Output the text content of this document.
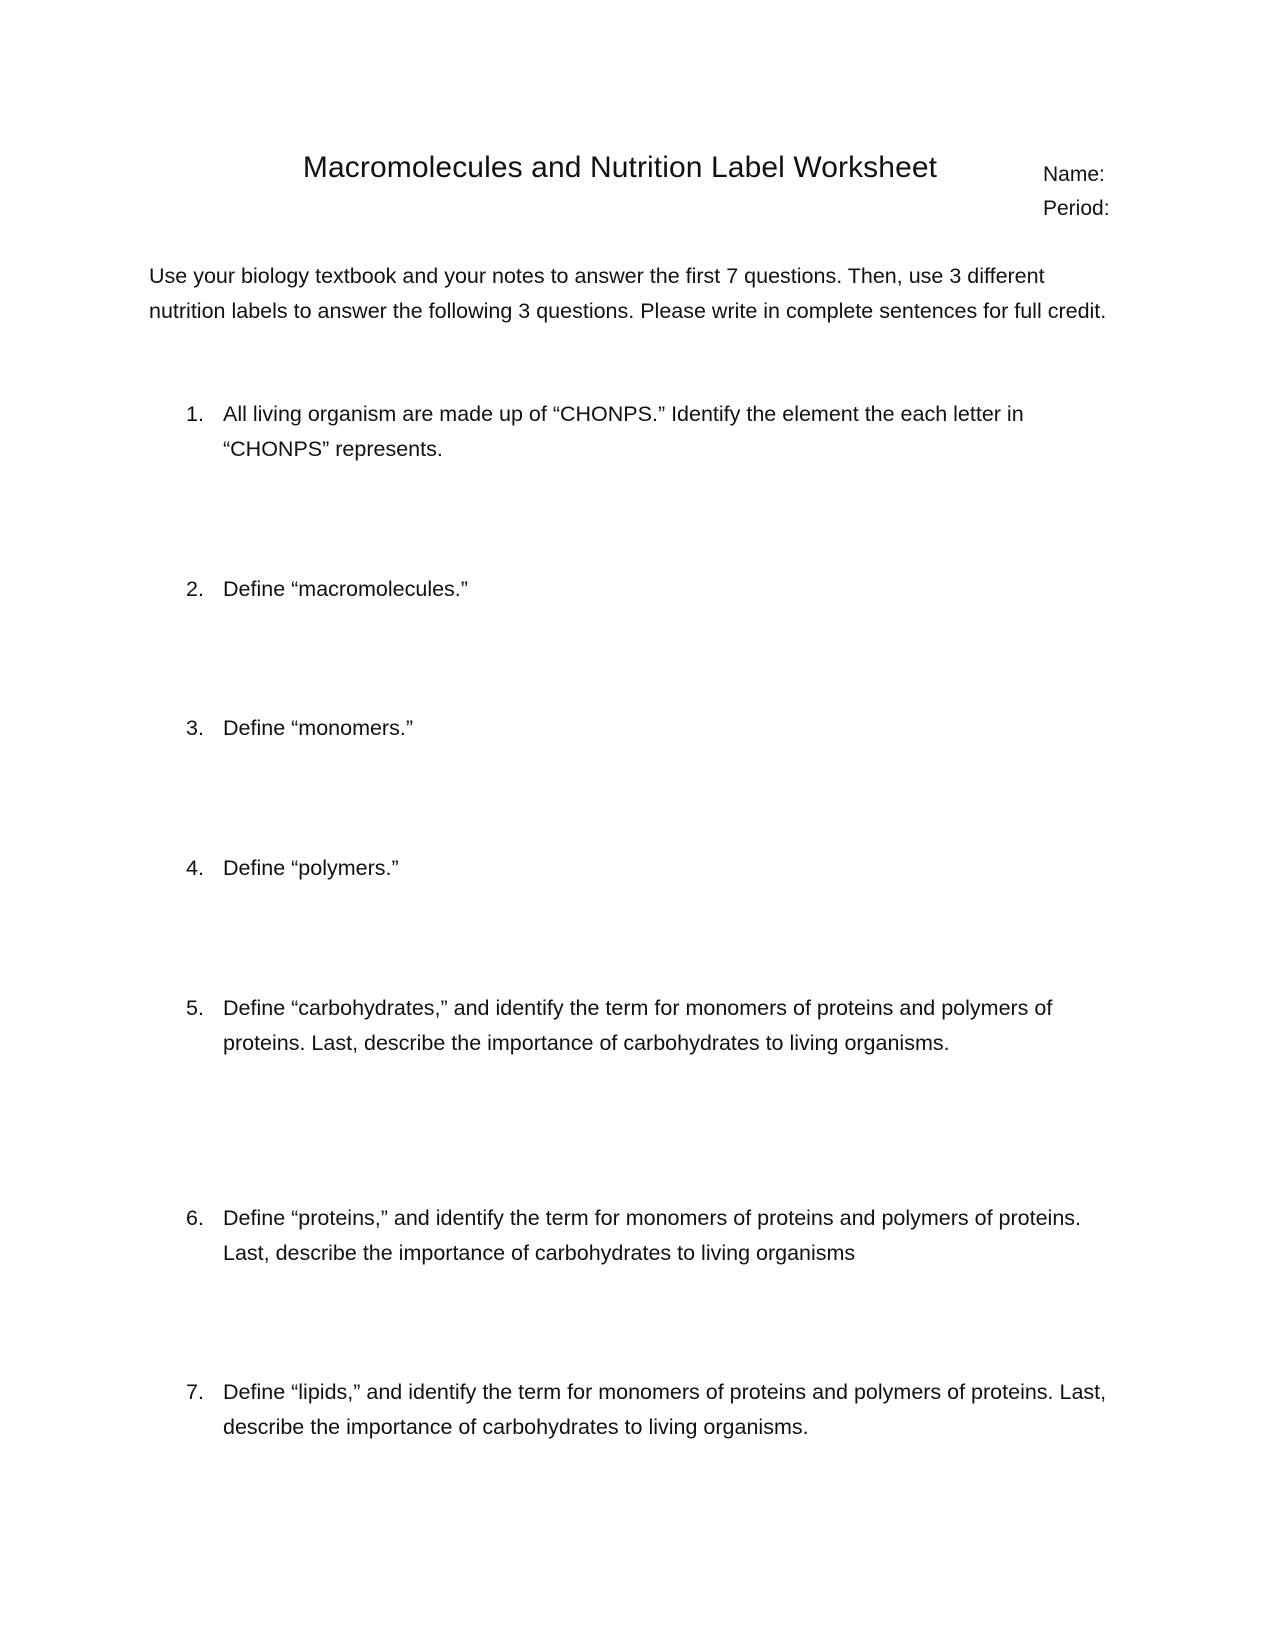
Macromolecules and Nutrition Label Worksheet	Name:
Period:
Use your biology textbook and your notes to answer the first 7 questions. Then, use 3 different nutrition labels to answer the following 3 questions. Please write in complete sentences for full credit.
1. All living organism are made up of “CHONPS.” Identify the element the each letter in “CHONPS” represents.
2. Define “macromolecules.”
3. Define “monomers.”
4. Define “polymers.”
5. Define “carbohydrates,” and identify the term for monomers of proteins and polymers of proteins. Last, describe the importance of carbohydrates to living organisms.
6. Define “proteins,” and identify the term for monomers of proteins and polymers of proteins. Last, describe the importance of carbohydrates to living organisms
7. Define “lipids,” and identify the term for monomers of proteins and polymers of proteins. Last, describe the importance of carbohydrates to living organisms.
